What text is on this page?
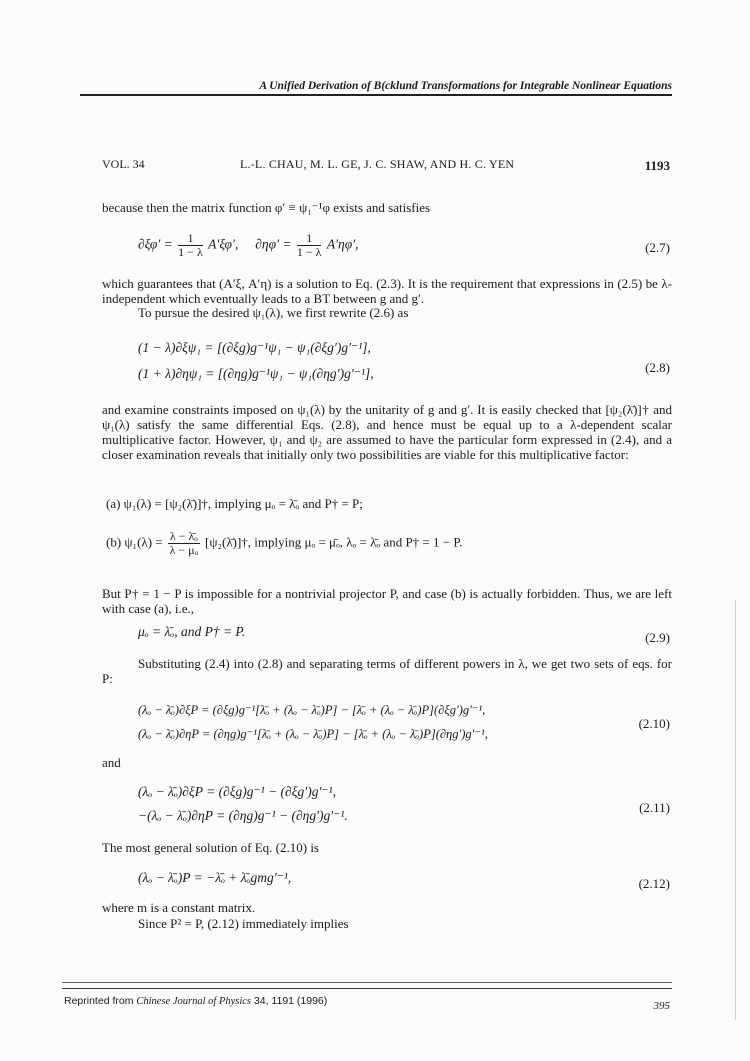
A Unified Derivation of B(cklund Transformations for Integrable Nonlinear Equations
VOL. 34	L.-L. CHAU, M. L. GE, J. C. SHAW, AND H. C. YEN	1193
because then the matrix function φ′ ≡ ψ₁⁻¹φ exists and satisfies
$\partial\xi\varphi' = \frac{1}{1 - \lambda} A'\xi\varphi'$, $\partial\eta\varphi' = \frac{1}{1 - \lambda} A'\eta\varphi'$,	(2.7)
which guarantees that (A′ξ, A′η) is a solution to Eq. (2.3). It is the requirement that expressions in (2.5) be λ-independent which eventually leads to a BT between g and g′.
To pursue the desired ψ₁(λ), we first rewrite (2.6) as
(1 − λ)∂ξψ₁ = [(∂ξg)g⁻¹ψ₁ − ψ₁(∂ξg′)g′⁻¹],
(1 + λ)∂ηψ₁ = [(∂ηg)g⁻¹ψ₁ − ψ₁(∂ηg′)g′⁻¹],	(2.8)
and examine constraints imposed on ψ₁(λ) by the unitarity of g and g′. It is easily checked that [ψ₂(λ̄)]† and ψ₁(λ) satisfy the same differential Eqs. (2.8), and hence must be equal up to a λ-dependent scalar multiplicative factor. However, ψ₁ and ψ₂ are assumed to have the particular form expressed in (2.4), and a closer examination reveals that initially only two possibilities are viable for this multiplicative factor:
(a) ψ₁(λ) = [ψ₂(λ̄)]†, implying μₒ = λ̄ₒ and P† = P;
(b) $\psi_1(\lambda) = \frac{\text{λ − λ̄ₒ}}{\text{λ − μₒ}}$ [ψ₂(λ̄)]†, implying μₒ = μ̄ₒ, λₒ = λ̄ₒ and P† = 1 − P.
But P† = 1 − P is impossible for a nontrivial projector P, and case (b) is actually forbidden. Thus, we are left with case (a), i.e.,
μₒ = λ̄ₒ, and P† = P.	(2.9)
Substituting (2.4) into (2.8) and separating terms of different powers in λ, we get two sets of eqs. for P:
(λₒ − λ̄ₒ)∂ξP = (∂ξg)g⁻¹[λ̄ₒ + (λₒ − λ̄ₒ)P] − [λ̄ₒ + (λₒ − λ̄ₒ)P](∂ξg′)g′⁻¹,
(λₒ − λ̄ₒ)∂ηP = (∂ηg)g⁻¹[λ̄ₒ + (λₒ − λ̄ₒ)P] − [λ̄ₒ + (λₒ − λ̄ₒ)P](∂ηg′)g′⁻¹,
(2.10)
and
(λₒ − λ̄ₒ)∂ξP = (∂ξg)g⁻¹ − (∂ξg′)g′⁻¹,
−(λₒ − λ̄ₒ)∂ηP = (∂ηg)g⁻¹ − (∂ηg′)g′⁻¹.
(2.11)
The most general solution of Eq. (2.10) is
(λₒ − λ̄ₒ)P = −λ̄ₒ + λ̄ₒgmg′⁻¹,	(2.12)
where m is a constant matrix.
Since P² = P, (2.12) immediately implies
Reprinted from Chinese Journal of Physics 34, 1191 (1996)	395
